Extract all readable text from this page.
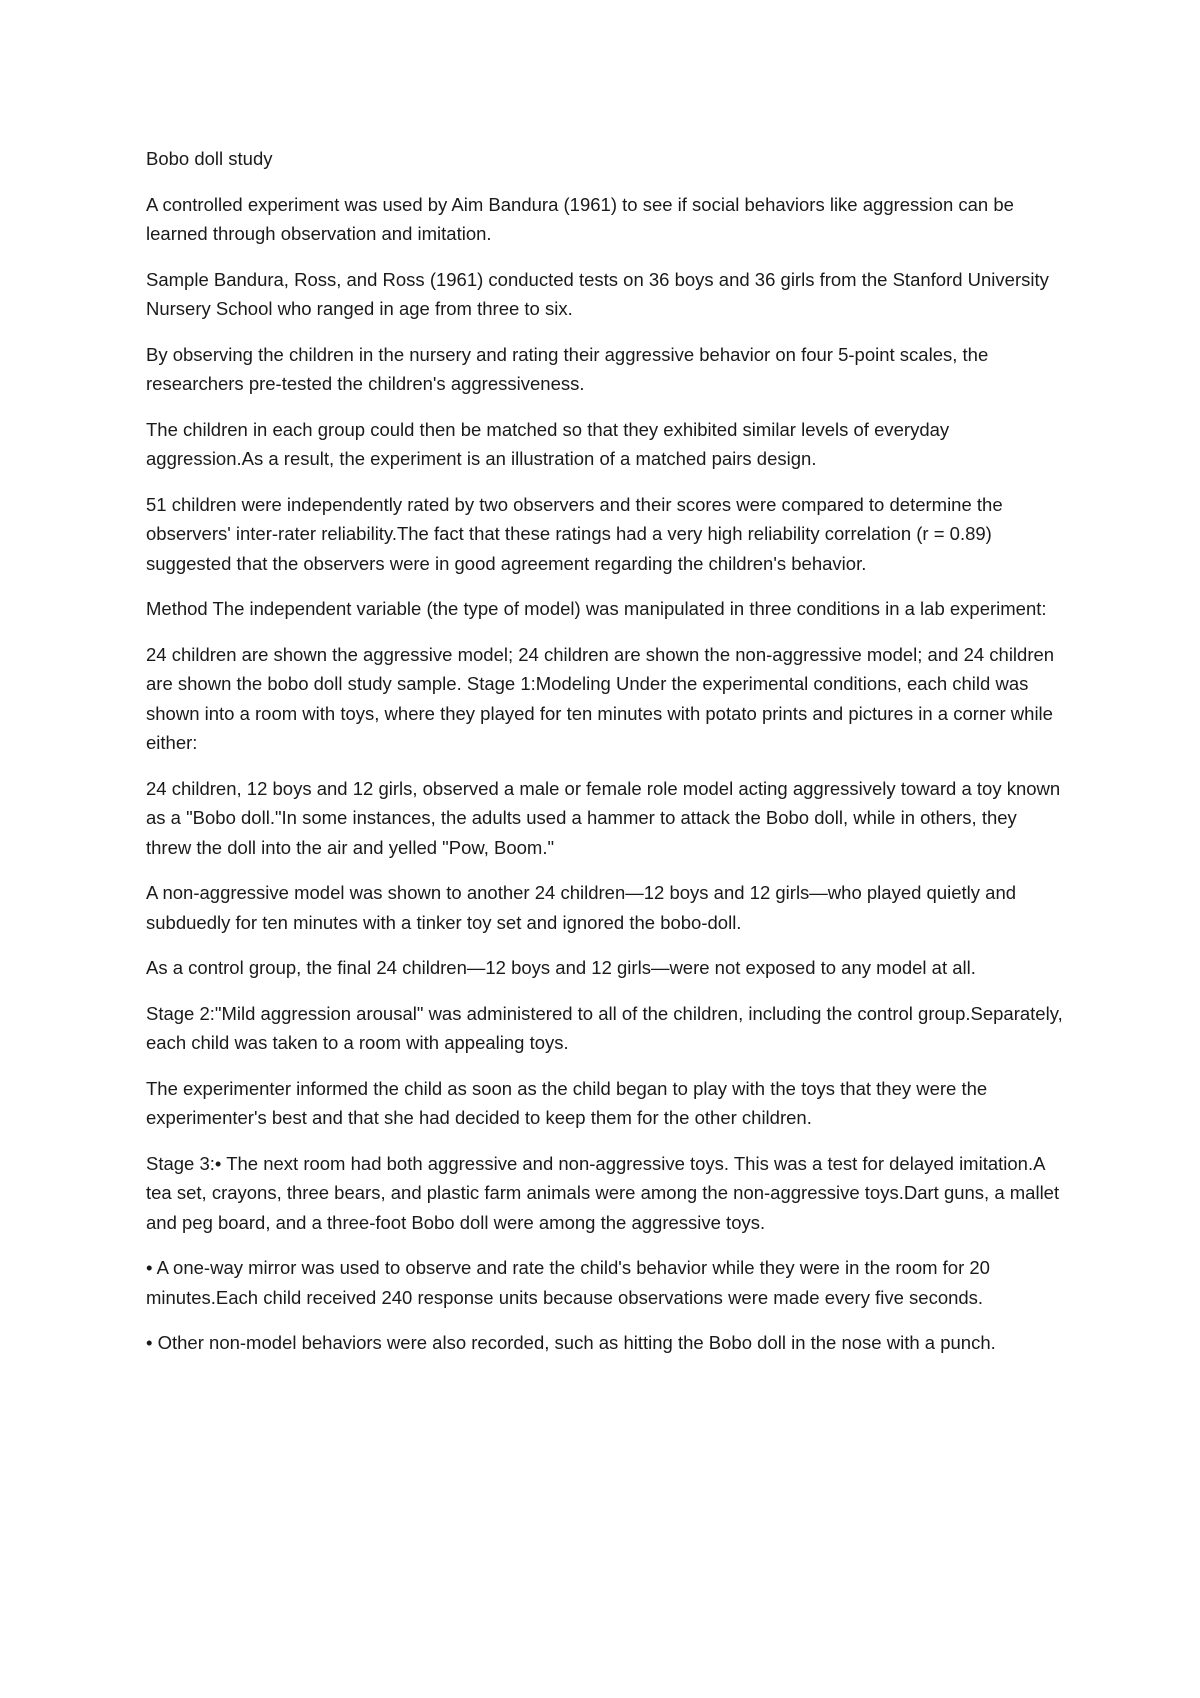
Bobo doll study

A controlled experiment was used by Aim Bandura (1961) to see if social behaviors like aggression can be learned through observation and imitation.

Sample Bandura, Ross, and Ross (1961) conducted tests on 36 boys and 36 girls from the Stanford University Nursery School who ranged in age from three to six.

By observing the children in the nursery and rating their aggressive behavior on four 5-point scales, the researchers pre-tested the children's aggressiveness.

The children in each group could then be matched so that they exhibited similar levels of everyday aggression.As a result, the experiment is an illustration of a matched pairs design.

51 children were independently rated by two observers and their scores were compared to determine the observers' inter-rater reliability.The fact that these ratings had a very high reliability correlation (r = 0.89) suggested that the observers were in good agreement regarding the children's behavior.

Method The independent variable (the type of model) was manipulated in three conditions in a lab experiment:

24 children are shown the aggressive model; 24 children are shown the non-aggressive model; and 24 children are shown the bobo doll study sample. Stage 1:Modeling Under the experimental conditions, each child was shown into a room with toys, where they played for ten minutes with potato prints and pictures in a corner while either:

24 children, 12 boys and 12 girls, observed a male or female role model acting aggressively toward a toy known as a "Bobo doll."In some instances, the adults used a hammer to attack the Bobo doll, while in others, they threw the doll into the air and yelled "Pow, Boom."

A non-aggressive model was shown to another 24 children—12 boys and 12 girls—who played quietly and subduedly for ten minutes with a tinker toy set and ignored the bobo-doll.

As a control group, the final 24 children—12 boys and 12 girls—were not exposed to any model at all.

Stage 2:"Mild aggression arousal" was administered to all of the children, including the control group.Separately, each child was taken to a room with appealing toys.

The experimenter informed the child as soon as the child began to play with the toys that they were the experimenter's best and that she had decided to keep them for the other children.

Stage 3:• The next room had both aggressive and non-aggressive toys. This was a test for delayed imitation.A tea set, crayons, three bears, and plastic farm animals were among the non-aggressive toys.Dart guns, a mallet and peg board, and a three-foot Bobo doll were among the aggressive toys.

• A one-way mirror was used to observe and rate the child's behavior while they were in the room for 20 minutes.Each child received 240 response units because observations were made every five seconds.

• Other non-model behaviors were also recorded, such as hitting the Bobo doll in the nose with a punch.
